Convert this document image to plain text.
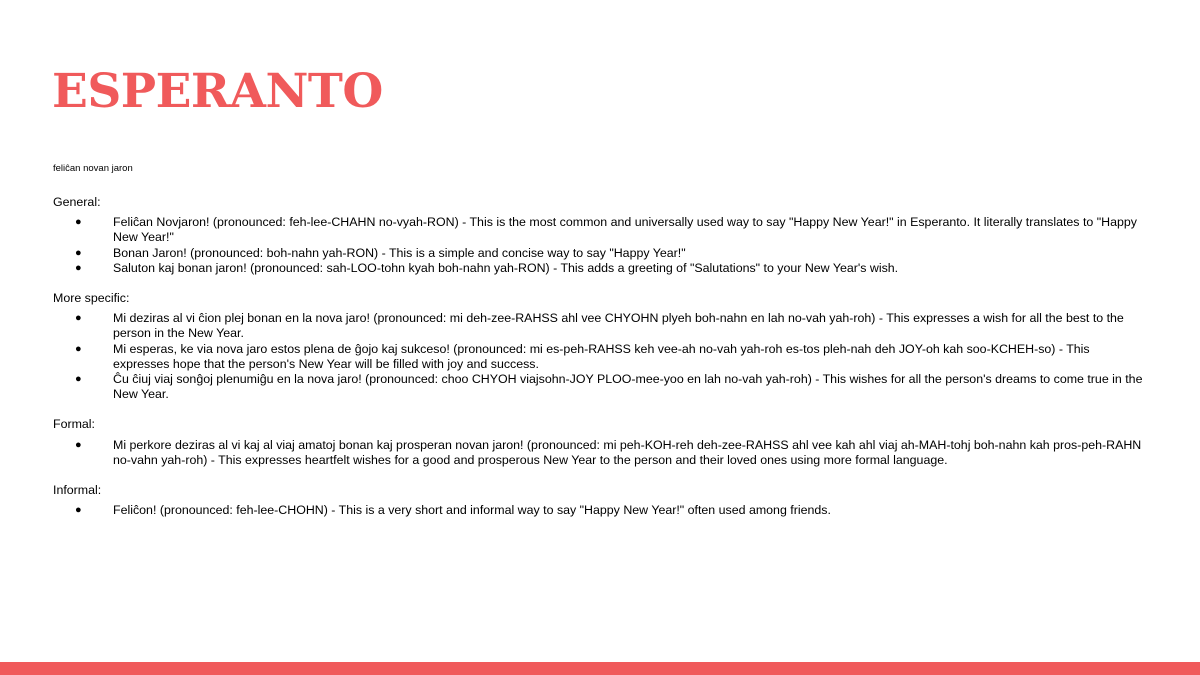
ESPERANTO

feliĉan novan jaron

General:

●	Feliĉan Novjaron! (pronounced: feh-lee-CHAHN no-vyah-RON) - This is the most common and universally used way to say "Happy New Year!" in Esperanto. It literally translates to "Happy New Year!"
●	Bonan Jaron! (pronounced: boh-nahn yah-RON) - This is a simple and concise way to say "Happy Year!"
●	Saluton kaj bonan jaron! (pronounced: sah-LOO-tohn kyah boh-nahn yah-RON) - This adds a greeting of "Salutations" to your New Year's wish.

More specific:

●	Mi deziras al vi ĉion plej bonan en la nova jaro! (pronounced: mi deh-zee-RAHSS ahl vee CHYOHN plyeh boh-nahn en lah no-vah yah-roh) - This expresses a wish for all the best to the person in the New Year.
●	Mi esperas, ke via nova jaro estos plena de ĝojo kaj sukceso! (pronounced: mi es-peh-RAHSS keh vee-ah no-vah yah-roh es-tos pleh-nah deh JOY-oh kah soo-KCHEH-so) - This expresses hope that the person's New Year will be filled with joy and success.
●	Ĉu ĉiuj viaj sonĝoj plenumiĝu en la nova jaro! (pronounced: choo CHYOH viajsohn-JOY PLOO-mee-yoo en lah no-vah yah-roh) - This wishes for all the person's dreams to come true in the New Year.

Formal:

●	Mi perkore deziras al vi kaj al viaj amatoj bonan kaj prosperan novan jaron! (pronounced: mi peh-KOH-reh deh-zee-RAHSS ahl vee kah ahl viaj ah-MAH-tohj boh-nahn kah pros-peh-RAHN no-vahn yah-roh) - This expresses heartfelt wishes for a good and prosperous New Year to the person and their loved ones using more formal language.

Informal:

●	Feliĉon! (pronounced: feh-lee-CHOHN) - This is a very short and informal way to say "Happy New Year!" often used among friends.
